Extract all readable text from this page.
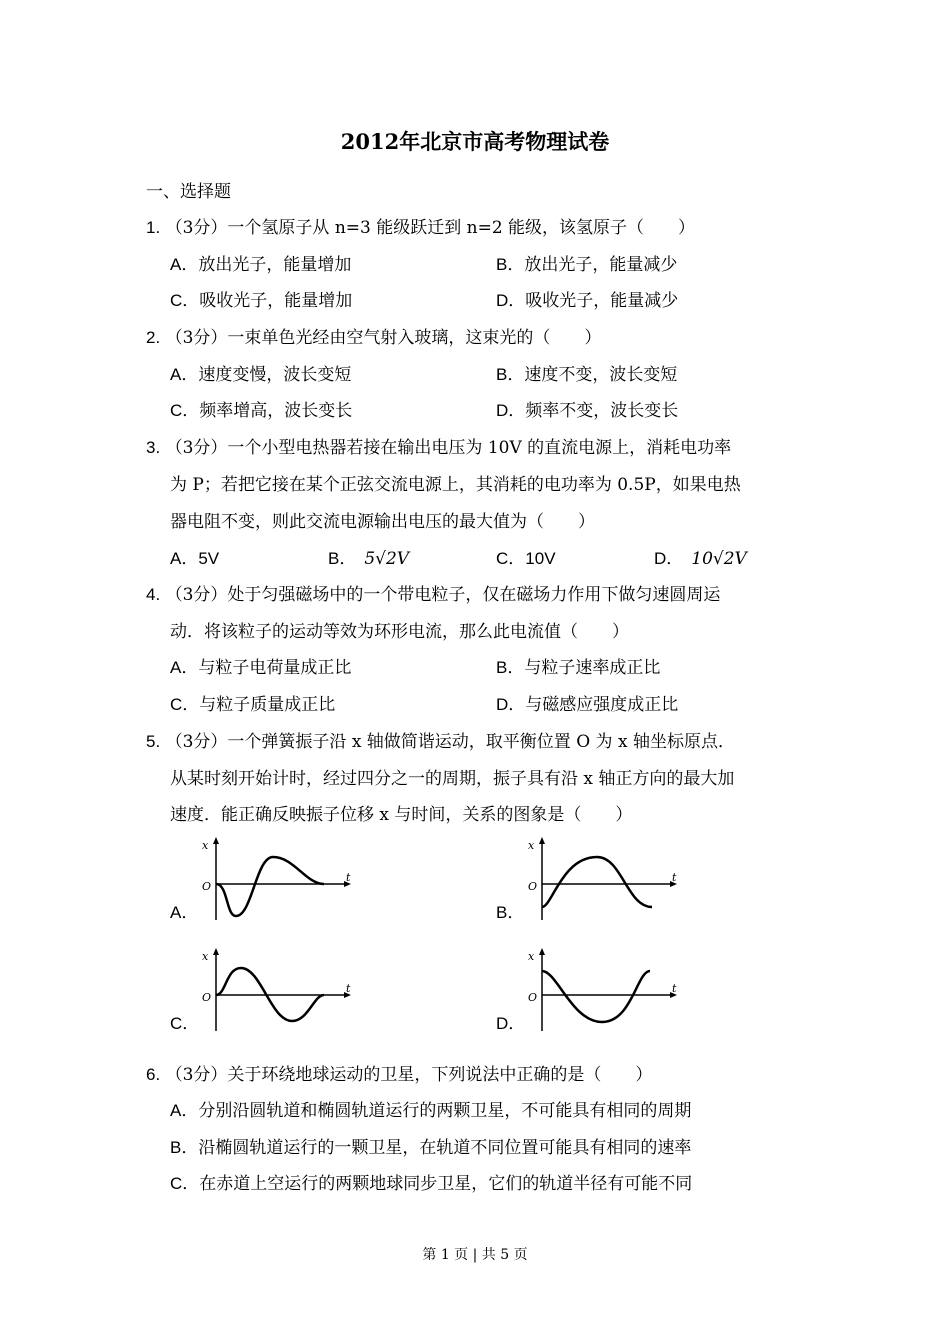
2012年北京市高考物理试卷
一、选择题
1. （3分）一个氢原子从 n=3 能级跃迁到 n=2 能级，该氢原子（　　）
A．放出光子，能量增加	B．放出光子，能量减少
C．吸收光子，能量增加	D．吸收光子，能量减少
2. （3分）一束单色光经由空气射入玻璃，这束光的（　　）
A．速度变慢，波长变短	B．速度不变，波长变短
C．频率增高，波长变长	D．频率不变，波长变长
3. （3分）一个小型电热器若接在输出电压为 10V 的直流电源上，消耗电功率
为 P；若把它接在某个正弦交流电源上，其消耗的电功率为 0.5P，如果电热
器电阻不变，则此交流电源输出电压的最大值为（　　）
A．5V	B． 5√2V	C．10V	D． 10√2V
4. （3分）处于匀强磁场中的一个带电粒子，仅在磁场力作用下做匀速圆周运
动．将该粒子的运动等效为环形电流，那么此电流值（　　）
A．与粒子电荷量成正比	B．与粒子速率成正比
C．与粒子质量成正比	D．与磁感应强度成正比
5. （3分）一个弹簧振子沿 x 轴做简谐运动，取平衡位置 O 为 x 轴坐标原点．
从某时刻开始计时，经过四分之一的周期，振子具有沿 x 轴正方向的最大加
速度．能正确反映振子位移 x 与时间，关系的图象是（　　）
A．
x
O
t
B．
x
O
t
C．
x
O
t
D．
x
O
t
6. （3分）关于环绕地球运动的卫星，下列说法中正确的是（　　）
A．分别沿圆轨道和椭圆轨道运行的两颗卫星，不可能具有相同的周期
B．沿椭圆轨道运行的一颗卫星，在轨道不同位置可能具有相同的速率
C．在赤道上空运行的两颗地球同步卫星，它们的轨道半径有可能不同
第 1 页 | 共 5 页
